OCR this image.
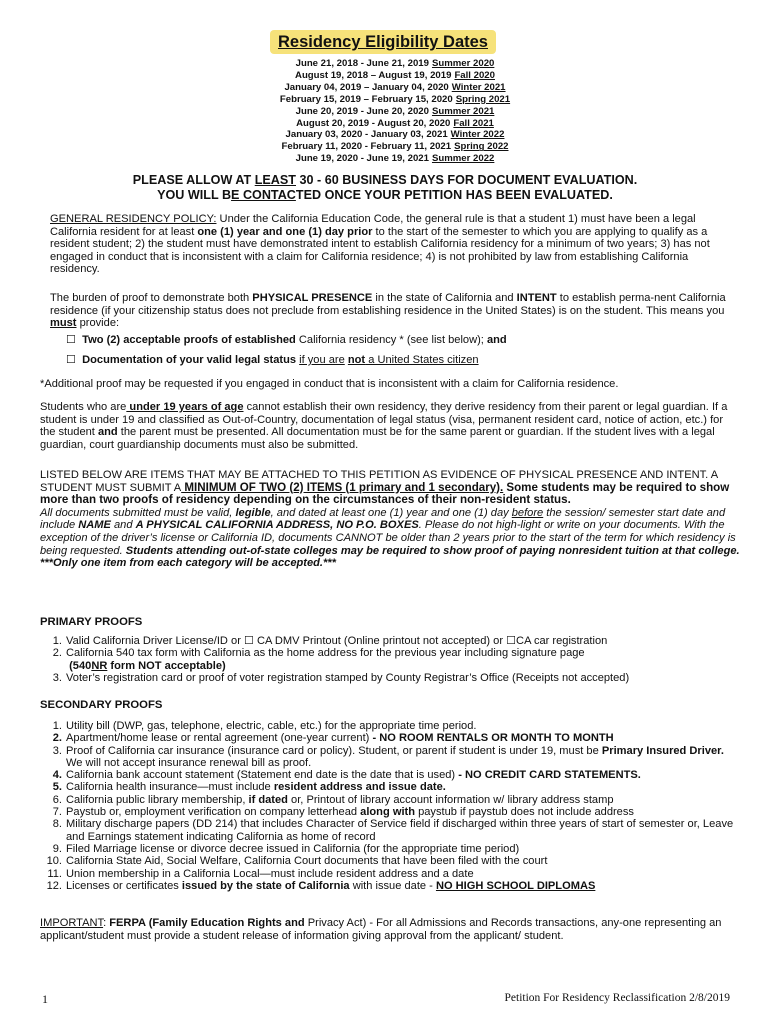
Residency Eligibility Dates
June 21, 2018 - June 21, 2019 Summer 2020
August 19, 2018 – August 19, 2019 Fall 2020
January 04, 2019 – January 04, 2020 Winter 2021
February 15, 2019 – February 15, 2020 Spring 2021
June 20, 2019 - June 20, 2020 Summer 2021
August 20, 2019 - August 20, 2020 Fall 2021
January 03, 2020 - January 03, 2021 Winter 2022
February 11, 2020 - February 11, 2021 Spring 2022
June 19, 2020 - June 19, 2021 Summer 2022
PLEASE ALLOW AT LEAST 30 - 60 BUSINESS DAYS FOR DOCUMENT EVALUATION.
YOU WILL BE CONTACTED ONCE YOUR PETITION HAS BEEN EVALUATED.
GENERAL RESIDENCY POLICY: Under the California Education Code, the general rule is that a student 1) must have been a legal California resident for at least one (1) year and one (1) day prior to the start of the semester to which you are applying to qualify as a resident student; 2) the student must have demonstrated intent to establish California residency for a minimum of two years; 3) has not engaged in conduct that is inconsistent with a claim for California residence; 4) is not prohibited by law from establishing California residency.
The burden of proof to demonstrate both PHYSICAL PRESENCE in the state of California and INTENT to establish perma-nent California residence (if your citizenship status does not preclude from establishing residence in the United States) is on the student. This means you must provide:
☐ Two (2) acceptable proofs of established California residency * (see list below); and
☐ Documentation of your valid legal status if you are not a United States citizen
*Additional proof may be requested if you engaged in conduct that is inconsistent with a claim for California residence.
Students who are under 19 years of age cannot establish their own residency, they derive residency from their parent or legal guardian. If a student is under 19 and classified as Out-of-Country, documentation of legal status (visa, permanent resident card, notice of action, etc.) for the student and the parent must be presented. All documentation must be for the same parent or guardian. If the student lives with a legal guardian, court guardianship documents must also be submitted.
LISTED BELOW ARE ITEMS THAT MAY BE ATTACHED TO THIS PETITION AS EVIDENCE OF PHYSICAL PRESENCE AND INTENT. A STUDENT MUST SUBMIT A MINIMUM OF TWO (2) ITEMS (1 primary and 1 secondary). Some students may be required to show more than two proofs of residency depending on the circumstances of their non-resident status.
All documents submitted must be valid, legible, and dated at least one (1) year and one (1) day before the session/ semester start date and include NAME and A PHYSICAL CALIFORNIA ADDRESS, NO P.O. BOXES. Please do not high-light or write on your documents. With the exception of the driver’s license or California ID, documents CANNOT be older than 2 years prior to the start of the term for which residency is being requested. Students attending out-of-state colleges may be required to show proof of paying nonresident tuition at that college.
***Only one item from each category will be accepted.***
PRIMARY PROOFS
1. Valid California Driver License/ID or ☐ CA DMV Printout (Online printout not accepted) or ☐CA car registration
2. California 540 tax form with California as the home address for the previous year including signature page
(540NR form NOT acceptable)
3. Voter’s registration card or proof of voter registration stamped by County Registrar’s Office (Receipts not accepted)
SECONDARY PROOFS
1. Utility bill (DWP, gas, telephone, electric, cable, etc.) for the appropriate time period.
2. Apartment/home lease or rental agreement (one-year current) - NO ROOM RENTALS OR MONTH TO MONTH
3. Proof of California car insurance (insurance card or policy). Student, or parent if student is under 19, must be Primary Insured Driver. We will not accept insurance renewal bill as proof.
4. California bank account statement (Statement end date is the date that is used) - NO CREDIT CARD STATEMENTS.
5. California health insurance—must include resident address and issue date.
6. California public library membership, if dated or, Printout of library account information w/ library address stamp
7. Paystub or, employment verification on company letterhead along with paystub if paystub does not include address
8. Military discharge papers (DD 214) that includes Character of Service field if discharged within three years of start of semester or, Leave and Earnings statement indicating California as home of record
9. Filed Marriage license or divorce decree issued in California (for the appropriate time period)
10. California State Aid, Social Welfare, California Court documents that have been filed with the court
11. Union membership in a California Local—must include resident address and a date
12. Licenses or certificates issued by the state of California with issue date - NO HIGH SCHOOL DIPLOMAS
IMPORTANT: FERPA (Family Education Rights and Privacy Act) - For all Admissions and Records transactions, any-one representing an applicant/student must provide a student release of information giving approval from the applicant/ student.
1	Petition For Residency Reclassification 2/8/2019
